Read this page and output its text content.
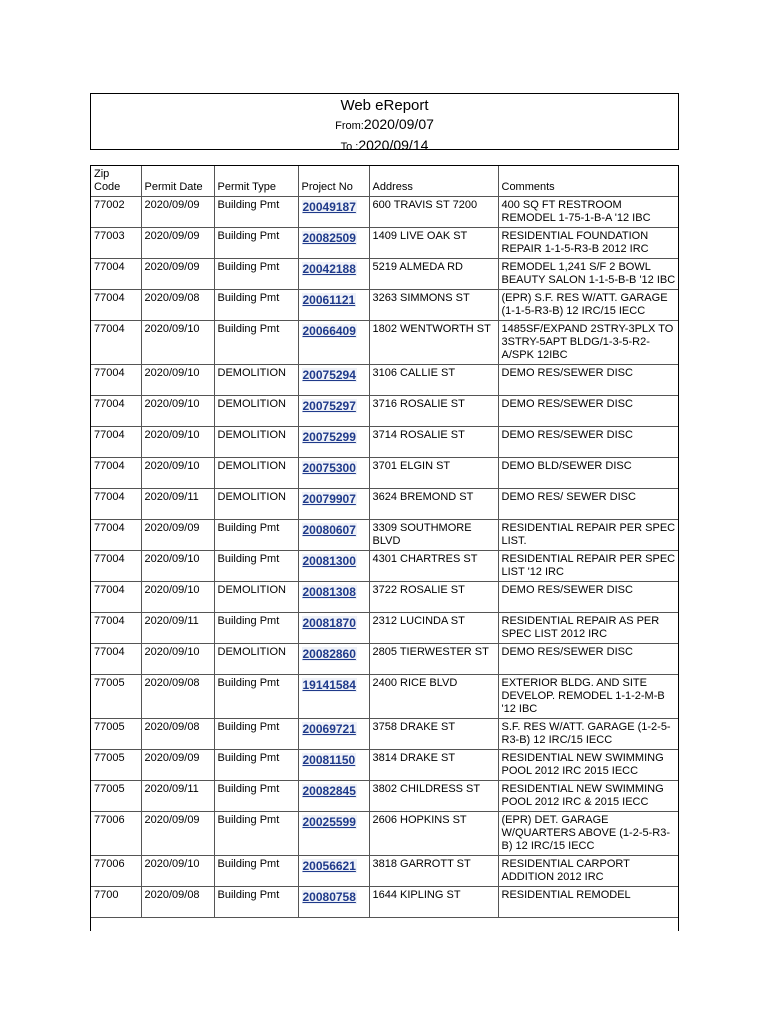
Web eReport
From:2020/09/07
To :2020/09/14
Zip Code	Permit Date	Permit Type	Project No	Address	Comments
77002	2020/09/09	Building Pmt	20049187	600 TRAVIS ST 7200	400 SQ FT RESTROOM REMODEL 1-75-1-B-A '12 IBC
77003	2020/09/09	Building Pmt	20082509	1409 LIVE OAK ST	RESIDENTIAL FOUNDATION REPAIR 1-1-5-R3-B 2012 IRC
77004	2020/09/09	Building Pmt	20042188	5219 ALMEDA RD	REMODEL 1,241 S/F 2 BOWL BEAUTY SALON 1-1-5-B-B '12 IBC
77004	2020/09/08	Building Pmt	20061121	3263 SIMMONS ST	(EPR) S.F. RES W/ATT. GARAGE (1-1-5-R3-B) 12 IRC/15 IECC
77004	2020/09/10	Building Pmt	20066409	1802 WENTWORTH ST	1485SF/EXPAND 2STRY-3PLX TO 3STRY-5APT BLDG/1-3-5-R2-A/SPK 12IBC
77004	2020/09/10	DEMOLITION	20075294	3106 CALLIE ST	DEMO RES/SEWER DISC
77004	2020/09/10	DEMOLITION	20075297	3716 ROSALIE ST	DEMO RES/SEWER DISC
77004	2020/09/10	DEMOLITION	20075299	3714 ROSALIE ST	DEMO RES/SEWER DISC
77004	2020/09/10	DEMOLITION	20075300	3701 ELGIN ST	DEMO BLD/SEWER DISC
77004	2020/09/11	DEMOLITION	20079907	3624 BREMOND ST	DEMO RES/ SEWER DISC
77004	2020/09/09	Building Pmt	20080607	3309 SOUTHMORE BLVD	RESIDENTIAL REPAIR PER SPEC LIST.
77004	2020/09/10	Building Pmt	20081300	4301 CHARTRES ST	RESIDENTIAL REPAIR PER SPEC LIST '12 IRC
77004	2020/09/10	DEMOLITION	20081308	3722 ROSALIE ST	DEMO RES/SEWER DISC
77004	2020/09/11	Building Pmt	20081870	2312 LUCINDA ST	RESIDENTIAL REPAIR AS PER SPEC LIST 2012 IRC
77004	2020/09/10	DEMOLITION	20082860	2805 TIERWESTER ST	DEMO RES/SEWER DISC
77005	2020/09/08	Building Pmt	19141584	2400 RICE BLVD	EXTERIOR BLDG. AND SITE DEVELOP. REMODEL 1-1-2-M-B '12 IBC
77005	2020/09/08	Building Pmt	20069721	3758 DRAKE ST	S.F. RES W/ATT. GARAGE (1-2-5-R3-B) 12 IRC/15 IECC
77005	2020/09/09	Building Pmt	20081150	3814 DRAKE ST	RESIDENTIAL NEW SWIMMING POOL 2012 IRC 2015 IECC
77005	2020/09/11	Building Pmt	20082845	3802 CHILDRESS ST	RESIDENTIAL NEW SWIMMING POOL 2012 IRC & 2015 IECC
77006	2020/09/09	Building Pmt	20025599	2606 HOPKINS ST	(EPR) DET. GARAGE W/QUARTERS ABOVE (1-2-5-R3-B) 12 IRC/15 IECC
77006	2020/09/10	Building Pmt	20056621	3818 GARROTT ST	RESIDENTIAL CARPORT ADDITION 2012 IRC
7700	2020/09/08	Building Pmt	20080758	1644 KIPLING ST	RESIDENTIAL REMODEL
